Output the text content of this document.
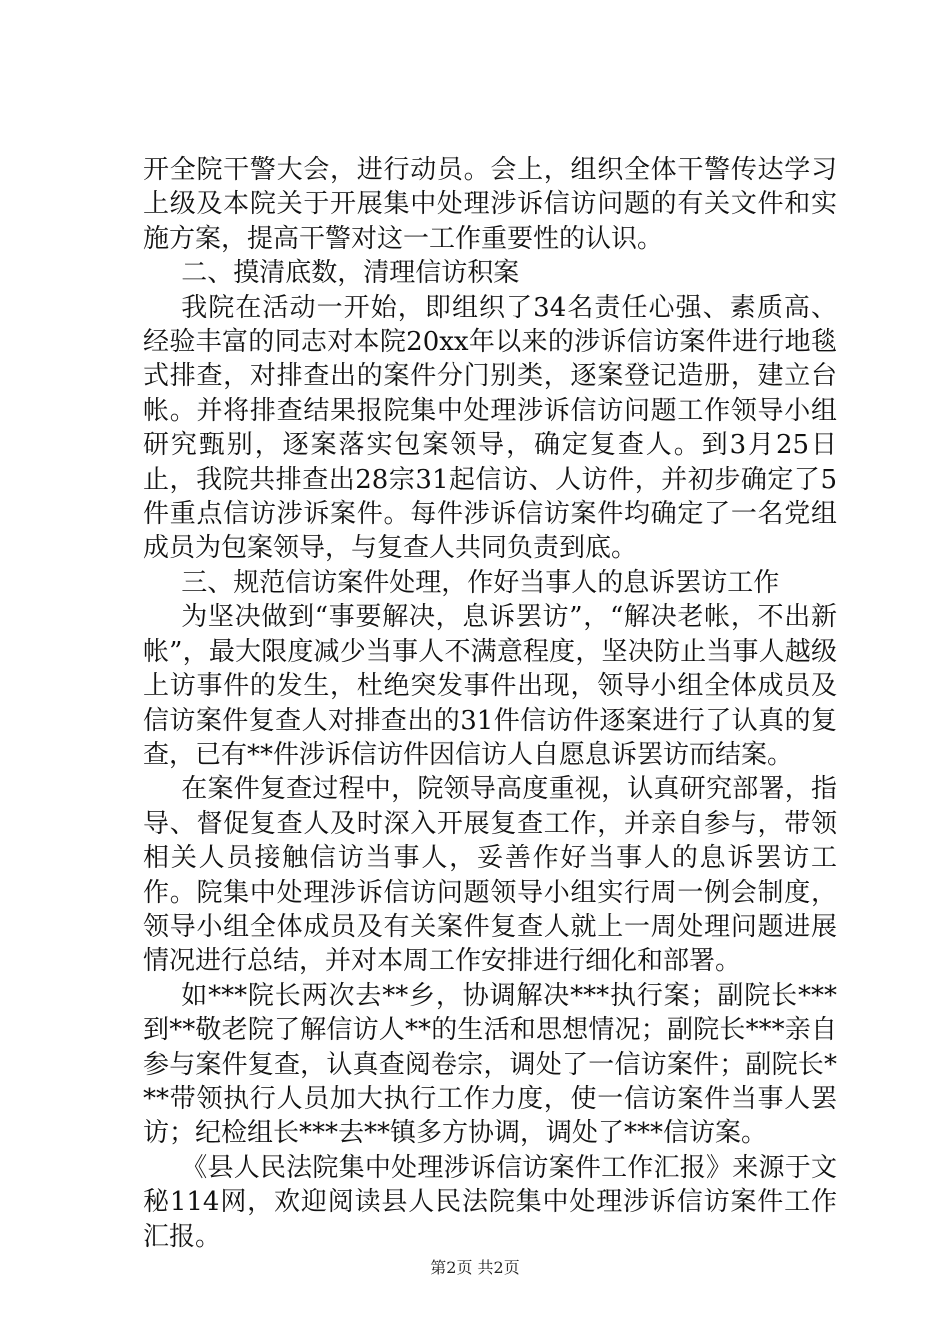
开全院干警大会，进行动员。会上，组织全体干警传达学习上级及本院关于开展集中处理涉诉信访问题的有关文件和实施方案，提高干警对这一工作重要性的认识。

二、摸清底数，清理信访积案

我院在活动一开始，即组织了34名责任心强、素质高、经验丰富的同志对本院20xx年以来的涉诉信访案件进行地毯式排查，对排查出的案件分门别类，逐案登记造册，建立台帐。并将排查结果报院集中处理涉诉信访问题工作领导小组研究甄别，逐案落实包案领导，确定复查人。到3月25日止，我院共排查出28宗31起信访、人访件，并初步确定了5件重点信访涉诉案件。每件涉诉信访案件均确定了一名党组成员为包案领导，与复查人共同负责到底。

三、规范信访案件处理，作好当事人的息诉罢访工作

为坚决做到“事要解决，息诉罢访”，“解决老帐，不出新帐”，最大限度减少当事人不满意程度，坚决防止当事人越级上访事件的发生，杜绝突发事件出现，领导小组全体成员及信访案件复查人对排查出的31件信访件逐案进行了认真的复查，已有**件涉诉信访件因信访人自愿息诉罢访而结案。

在案件复查过程中，院领导高度重视，认真研究部署，指导、督促复查人及时深入开展复查工作，并亲自参与，带领相关人员接触信访当事人，妥善作好当事人的息诉罢访工作。院集中处理涉诉信访问题领导小组实行周一例会制度，领导小组全体成员及有关案件复查人就上一周处理问题进展情况进行总结，并对本周工作安排进行细化和部署。

如***院长两次去**乡，协调解决***执行案；副院长***到**敬老院了解信访人**的生活和思想情况；副院长***亲自参与案件复查，认真查阅卷宗，调处了一信访案件；副院长***带领执行人员加大执行工作力度，使一信访案件当事人罢访；纪检组长***去**镇多方协调，调处了***信访案。

《县人民法院集中处理涉诉信访案件工作汇报》来源于文秘114网，欢迎阅读县人民法院集中处理涉诉信访案件工作汇报。

第2页 共2页
